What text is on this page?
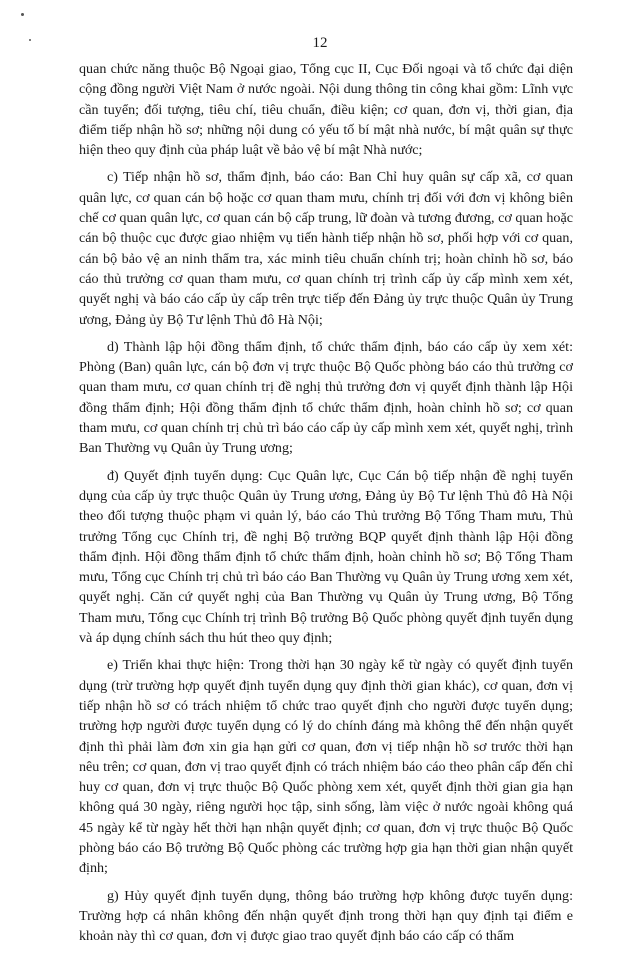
12

quan chức năng thuộc Bộ Ngoại giao, Tổng cục II, Cục Đối ngoại và tổ chức đại diện cộng đồng người Việt Nam ở nước ngoài. Nội dung thông tin công khai gồm: Lĩnh vực cần tuyển; đối tượng, tiêu chí, tiêu chuẩn, điều kiện; cơ quan, đơn vị, thời gian, địa điểm tiếp nhận hồ sơ; những nội dung có yếu tố bí mật nhà nước, bí mật quân sự thực hiện theo quy định của pháp luật về bảo vệ bí mật Nhà nước;

c) Tiếp nhận hồ sơ, thẩm định, báo cáo: Ban Chỉ huy quân sự cấp xã, cơ quan quân lực, cơ quan cán bộ hoặc cơ quan tham mưu, chính trị đối với đơn vị không biên chế cơ quan quân lực, cơ quan cán bộ cấp trung, lữ đoàn và tương đương, cơ quan hoặc cán bộ thuộc cục được giao nhiệm vụ tiến hành tiếp nhận hồ sơ, phối hợp với cơ quan, cán bộ bảo vệ an ninh thẩm tra, xác minh tiêu chuẩn chính trị; hoàn chỉnh hồ sơ, báo cáo thủ trưởng cơ quan tham mưu, cơ quan chính trị trình cấp ủy cấp mình xem xét, quyết nghị và báo cáo cấp ủy cấp trên trực tiếp đến Đảng ủy trực thuộc Quân ủy Trung ương, Đảng ủy Bộ Tư lệnh Thủ đô Hà Nội;

d) Thành lập hội đồng thẩm định, tổ chức thẩm định, báo cáo cấp ủy xem xét: Phòng (Ban) quân lực, cán bộ đơn vị trực thuộc Bộ Quốc phòng báo cáo thủ trưởng cơ quan tham mưu, cơ quan chính trị đề nghị thủ trưởng đơn vị quyết định thành lập Hội đồng thẩm định; Hội đồng thẩm định tổ chức thẩm định, hoàn chỉnh hồ sơ; cơ quan tham mưu, cơ quan chính trị chủ trì báo cáo cấp ủy cấp mình xem xét, quyết nghị, trình Ban Thường vụ Quân ủy Trung ương;

đ) Quyết định tuyển dụng: Cục Quân lực, Cục Cán bộ tiếp nhận đề nghị tuyển dụng của cấp ủy trực thuộc Quân ủy Trung ương, Đảng ủy Bộ Tư lệnh Thủ đô Hà Nội theo đối tượng thuộc phạm vi quản lý, báo cáo Thủ trưởng Bộ Tổng Tham mưu, Thủ trưởng Tổng cục Chính trị, đề nghị Bộ trưởng BQP quyết định thành lập Hội đồng thẩm định. Hội đồng thẩm định tổ chức thẩm định, hoàn chỉnh hồ sơ; Bộ Tổng Tham mưu, Tổng cục Chính trị chủ trì báo cáo Ban Thường vụ Quân ủy Trung ương xem xét, quyết nghị. Căn cứ quyết nghị của Ban Thường vụ Quân ủy Trung ương, Bộ Tổng Tham mưu, Tổng cục Chính trị trình Bộ trưởng Bộ Quốc phòng quyết định tuyển dụng và áp dụng chính sách thu hút theo quy định;

e) Triển khai thực hiện: Trong thời hạn 30 ngày kể từ ngày có quyết định tuyển dụng (trừ trường hợp quyết định tuyển dụng quy định thời gian khác), cơ quan, đơn vị tiếp nhận hồ sơ có trách nhiệm tổ chức trao quyết định cho người được tuyển dụng; trường hợp người được tuyển dụng có lý do chính đáng mà không thể đến nhận quyết định thì phải làm đơn xin gia hạn gửi cơ quan, đơn vị tiếp nhận hồ sơ trước thời hạn nêu trên; cơ quan, đơn vị trao quyết định có trách nhiệm báo cáo theo phân cấp đến chỉ huy cơ quan, đơn vị trực thuộc Bộ Quốc phòng xem xét, quyết định thời gian gia hạn không quá 30 ngày, riêng người học tập, sinh sống, làm việc ở nước ngoài không quá 45 ngày kể từ ngày hết thời hạn nhận quyết định; cơ quan, đơn vị trực thuộc Bộ Quốc phòng báo cáo Bộ trưởng Bộ Quốc phòng các trường hợp gia hạn thời gian nhận quyết định;

g) Hủy quyết định tuyển dụng, thông báo trường hợp không được tuyển dụng: Trường hợp cá nhân không đến nhận quyết định trong thời hạn quy định tại điểm e khoản này thì cơ quan, đơn vị được giao trao quyết định báo cáo cấp có thẩm
